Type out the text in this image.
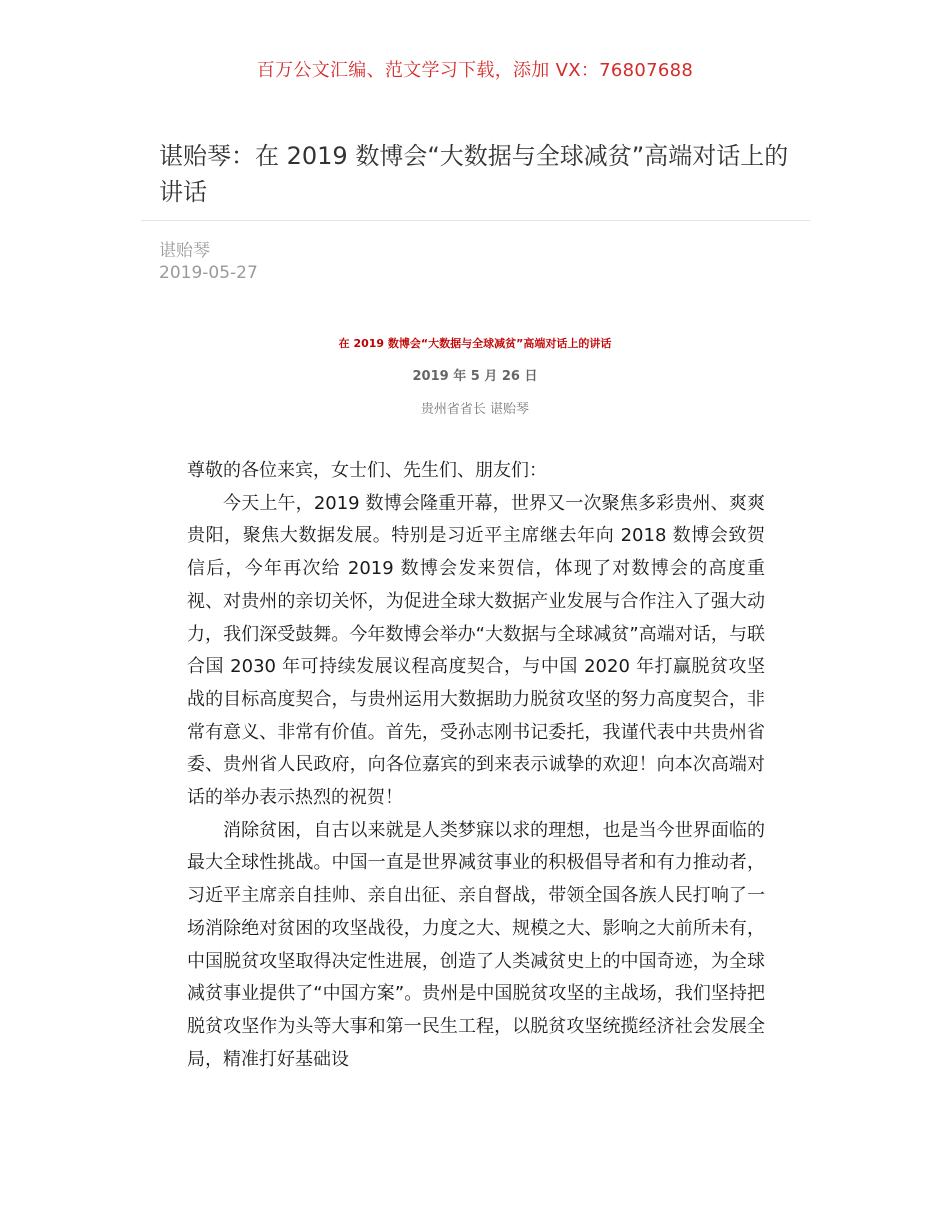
百万公文汇编、范文学习下载，添加 VX：76807688
谌贻琴：在 2019 数博会“大数据与全球减贫”高端对话上的讲话
谌贻琴
2019-05-27
在 2019 数博会“大数据与全球减贫”高端对话上的讲话
2019 年 5 月 26 日
贵州省省长 谌贻琴

尊敬的各位来宾，女士们、先生们、朋友们：

今天上午，2019 数博会隆重开幕，世界又一次聚焦多彩贵州、爽爽贵阳，聚焦大数据发展。特别是习近平主席继去年向 2018 数博会致贺信后，今年再次给 2019 数博会发来贺信，体现了对数博会的高度重视、对贵州的亲切关怀，为促进全球大数据产业发展与合作注入了强大动力，我们深受鼓舞。今年数博会举办“大数据与全球减贫”高端对话，与联合国 2030 年可持续发展议程高度契合，与中国 2020 年打赢脱贫攻坚战的目标高度契合，与贵州运用大数据助力脱贫攻坚的努力高度契合，非常有意义、非常有价值。首先，受孙志刚书记委托，我谨代表中共贵州省委、贵州省人民政府，向各位嘉宾的到来表示诚挚的欢迎！向本次高端对话的举办表示热烈的祝贺！

消除贫困，自古以来就是人类梦寐以求的理想，也是当今世界面临的最大全球性挑战。中国一直是世界减贫事业的积极倡导者和有力推动者，习近平主席亲自挂帅、亲自出征、亲自督战，带领全国各族人民打响了一场消除绝对贫困的攻坚战役，力度之大、规模之大、影响之大前所未有，中国脱贫攻坚取得决定性进展，创造了人类减贫史上的中国奇迹，为全球减贫事业提供了“中国方案”。贵州是中国脱贫攻坚的主战场，我们坚持把脱贫攻坚作为头等大事和第一民生工程，以脱贫攻坚统揽经济社会发展全局，精准打好基础设
